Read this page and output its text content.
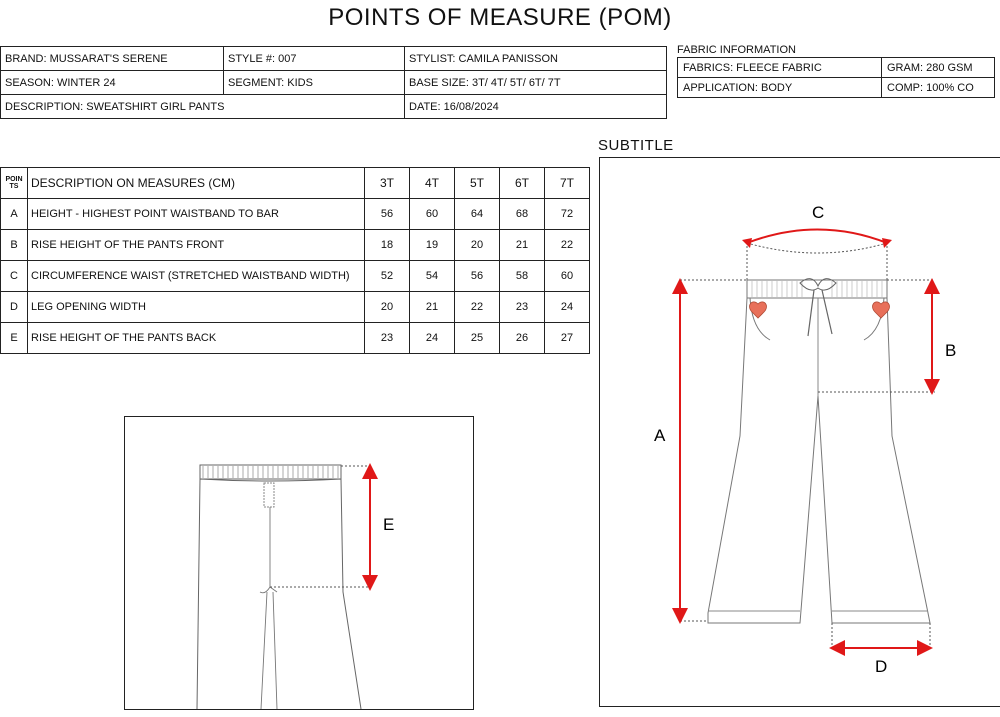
POINTS OF MEASURE (POM)
BRAND: MUSSARAT'S SERENE	STYLE #: 007	STYLIST: CAMILA PANISSON
SEASON: WINTER 24	SEGMENT: KIDS	BASE SIZE: 3T/ 4T/ 5T/ 6T/ 7T
DESCRIPTION: SWEATSHIRT GIRL PANTS		DATE: 16/08/2024
FABRIC INFORMATION
FABRICS: FLEECE FABRIC	GRAM: 280 GSM
APPLICATION: BODY	COMP: 100% CO
SUBTITLE
POIN
TS	DESCRIPTION ON MEASURES (CM)	3T	4T	5T	6T	7T
A	HEIGHT - HIGHEST POINT WAISTBAND TO BAR	56	60	64	68	72
B	RISE HEIGHT OF THE PANTS FRONT	18	19	20	21	22
C	CIRCUMFERENCE WAIST (STRETCHED WAISTBAND WIDTH)	52	54	56	58	60
D	LEG OPENING WIDTH	20	21	22	23	24
E	RISE HEIGHT OF THE PANTS BACK	23	24	25	26	27
E
C
A
B
D
